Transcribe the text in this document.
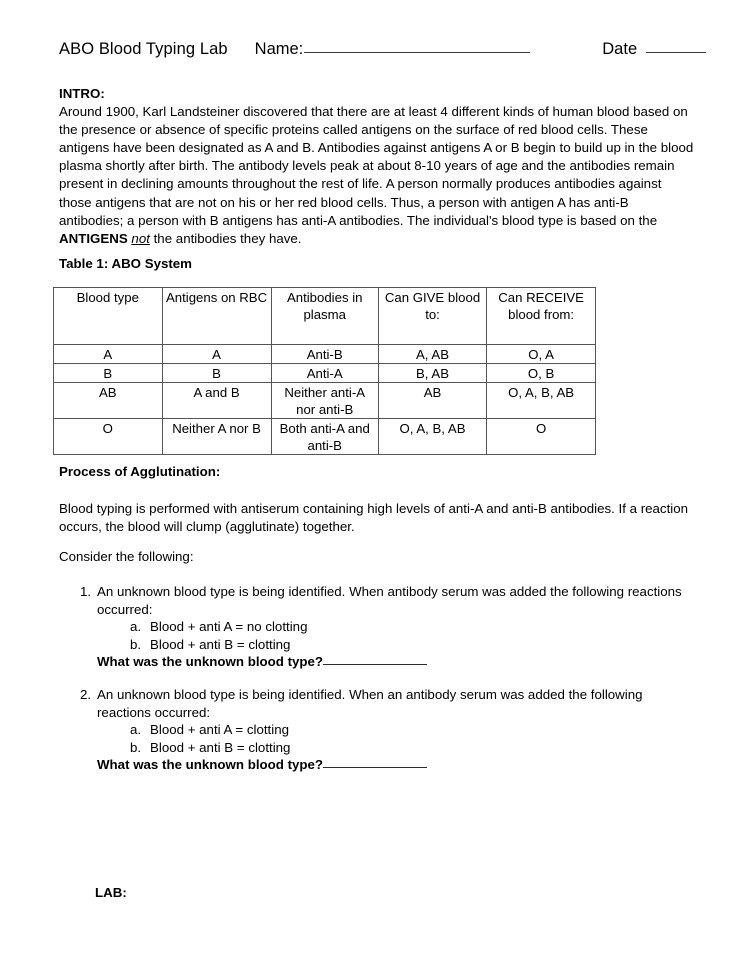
ABO Blood Typing Lab Name:	Date
INTRO:

Around 1900, Karl Landsteiner discovered that there are at least 4 different kinds of human blood based on the presence or absence of specific proteins called antigens on the surface of red blood cells. These antigens have been designated as A and B. Antibodies against antigens A or B begin to build up in the blood plasma shortly after birth. The antibody levels peak at about 8-10 years of age and the antibodies remain present in declining amounts throughout the rest of life. A person normally produces antibodies against those antigens that are not on his or her red blood cells. Thus, a person with antigen A has anti-B antibodies; a person with B antigens has anti-A antibodies. The individual's blood type is based on the ANTIGENS not the antibodies they have.

Table 1: ABO System
Blood type	Antigens on RBC	Antibodies in plasma	Can GIVE blood to:	Can RECEIVE blood from:
A	A	Anti-B	A, AB	O, A
B	B	Anti-A	B, AB	O, B
AB	A and B	Neither anti-A nor anti-B	AB	O, A, B, AB
O	Neither A nor B	Both anti-A and anti-B	O, A, B, AB	O
Process of Agglutination:

Blood typing is performed with antiserum containing high levels of anti-A and anti-B antibodies. If a reaction occurs, the blood will clump (agglutinate) together.

Consider the following:
1. An unknown blood type is being identified. When antibody serum was added the following reactions occurred:
a. Blood + anti A = no clotting
b. Blood + anti B = clotting
What was the unknown blood type?
2. An unknown blood type is being identified. When an antibody serum was added the following reactions occurred:
a. Blood + anti A = clotting
b. Blood + anti B = clotting
What was the unknown blood type?
LAB:
